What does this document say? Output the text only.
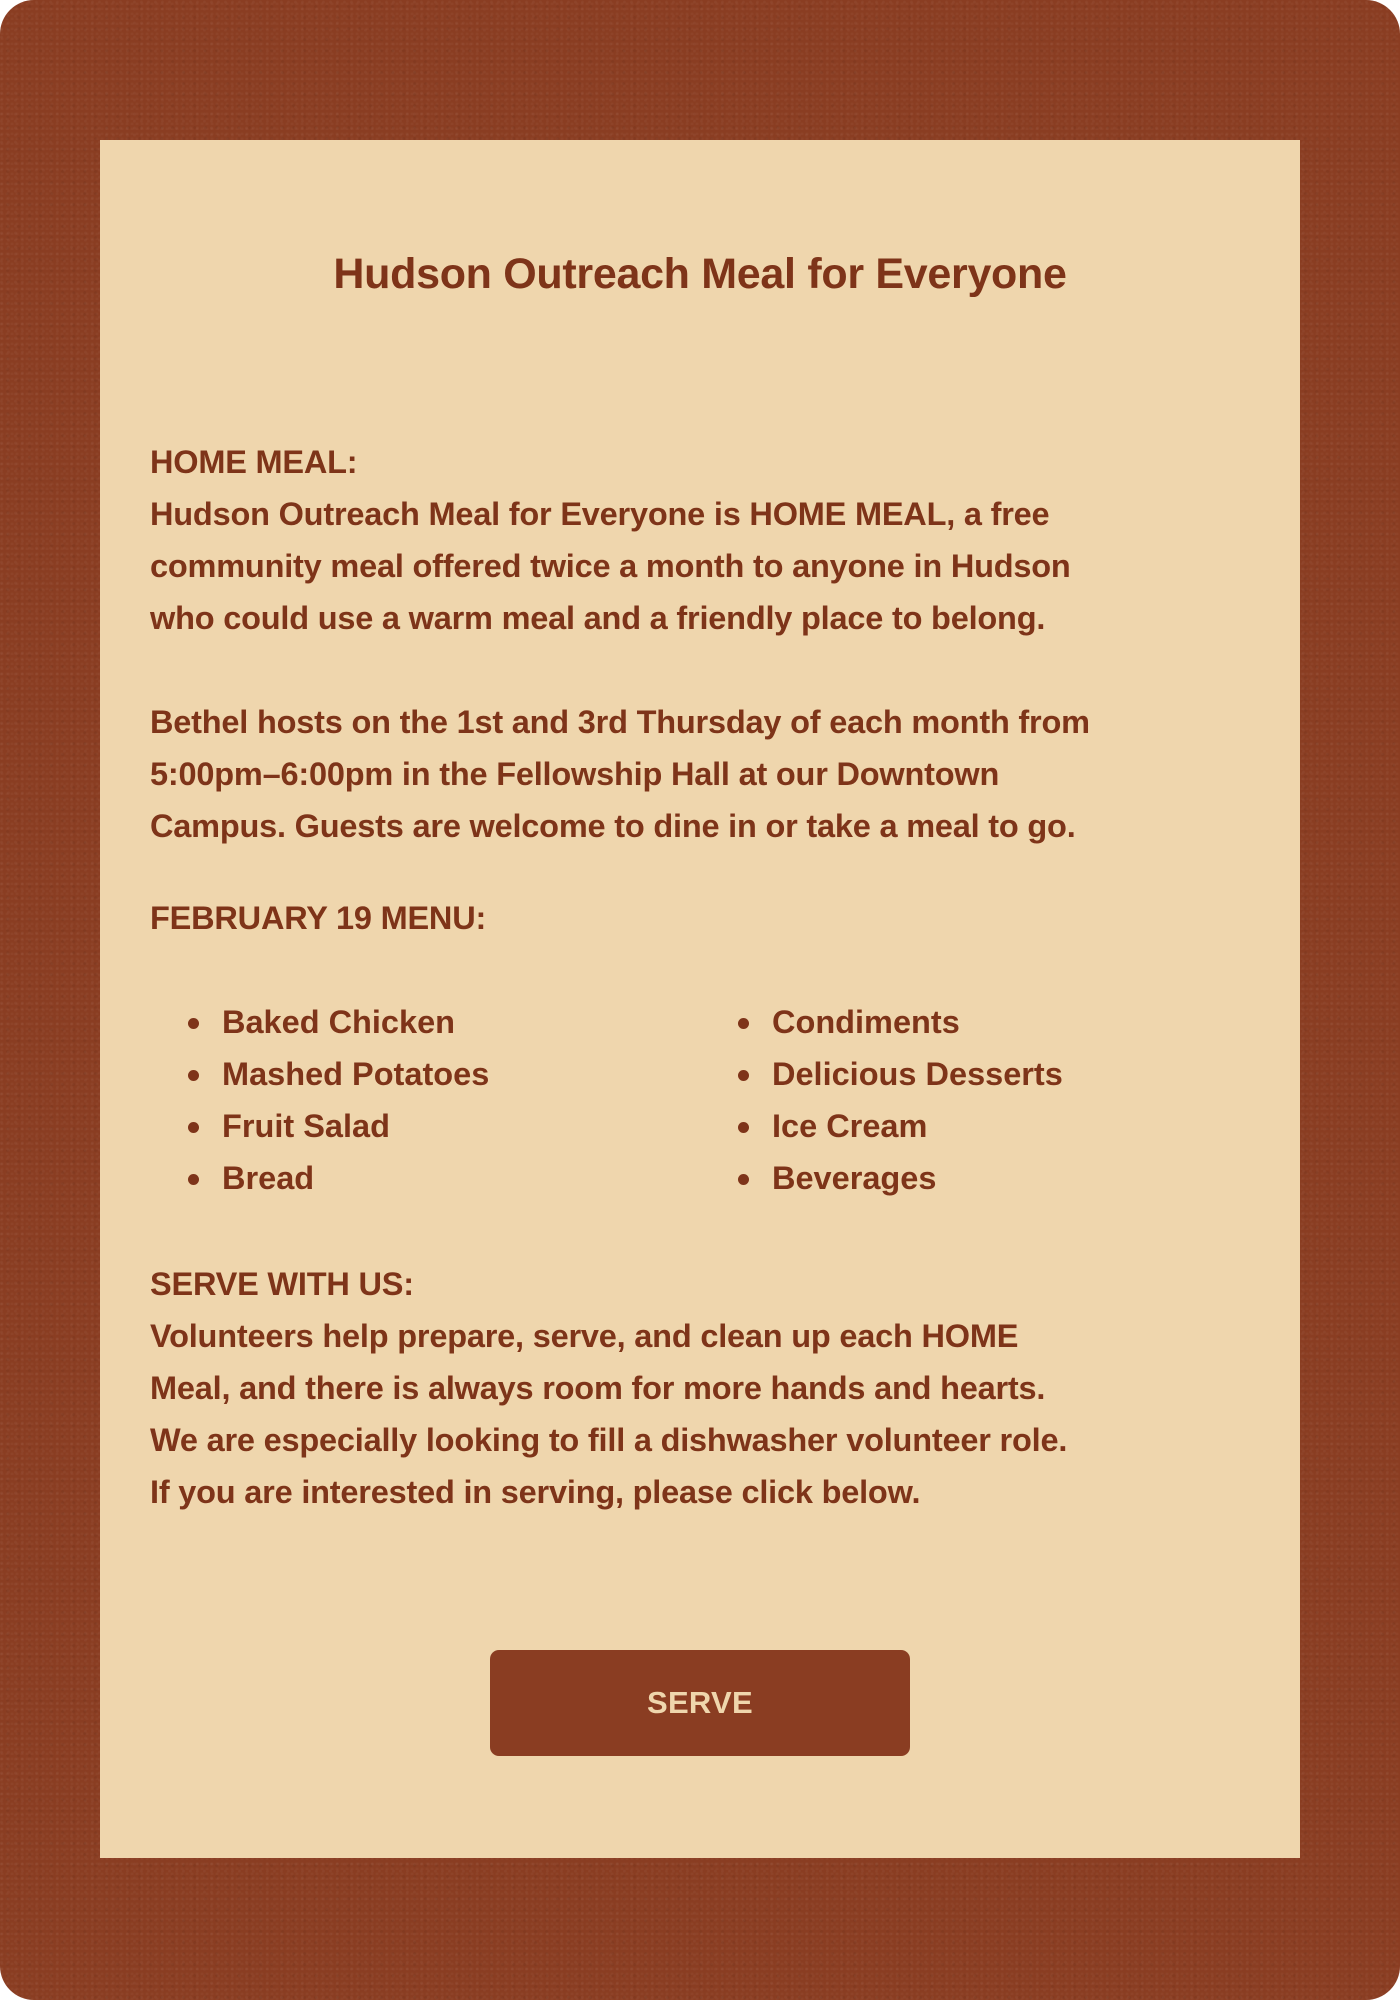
Hudson Outreach Meal for Everyone

HOME MEAL:

Hudson Outreach Meal for Everyone is HOME MEAL, a free

community meal offered twice a month to anyone in Hudson

who could use a warm meal and a friendly place to belong.

Bethel hosts on the 1st and 3rd Thursday of each month from

5:00pm–6:00pm in the Fellowship Hall at our Downtown

Campus. Guests are welcome to dine in or take a meal to go.

FEBRUARY 19 MENU:
Baked Chicken
Mashed Potatoes
Fruit Salad
Bread
Condiments
Delicious Desserts
Ice Cream
Beverages

SERVE WITH US:

Volunteers help prepare, serve, and clean up each HOME

Meal, and there is always room for more hands and hearts.

We are especially looking to fill a dishwasher volunteer role.

If you are interested in serving, please click below.

SERVE
